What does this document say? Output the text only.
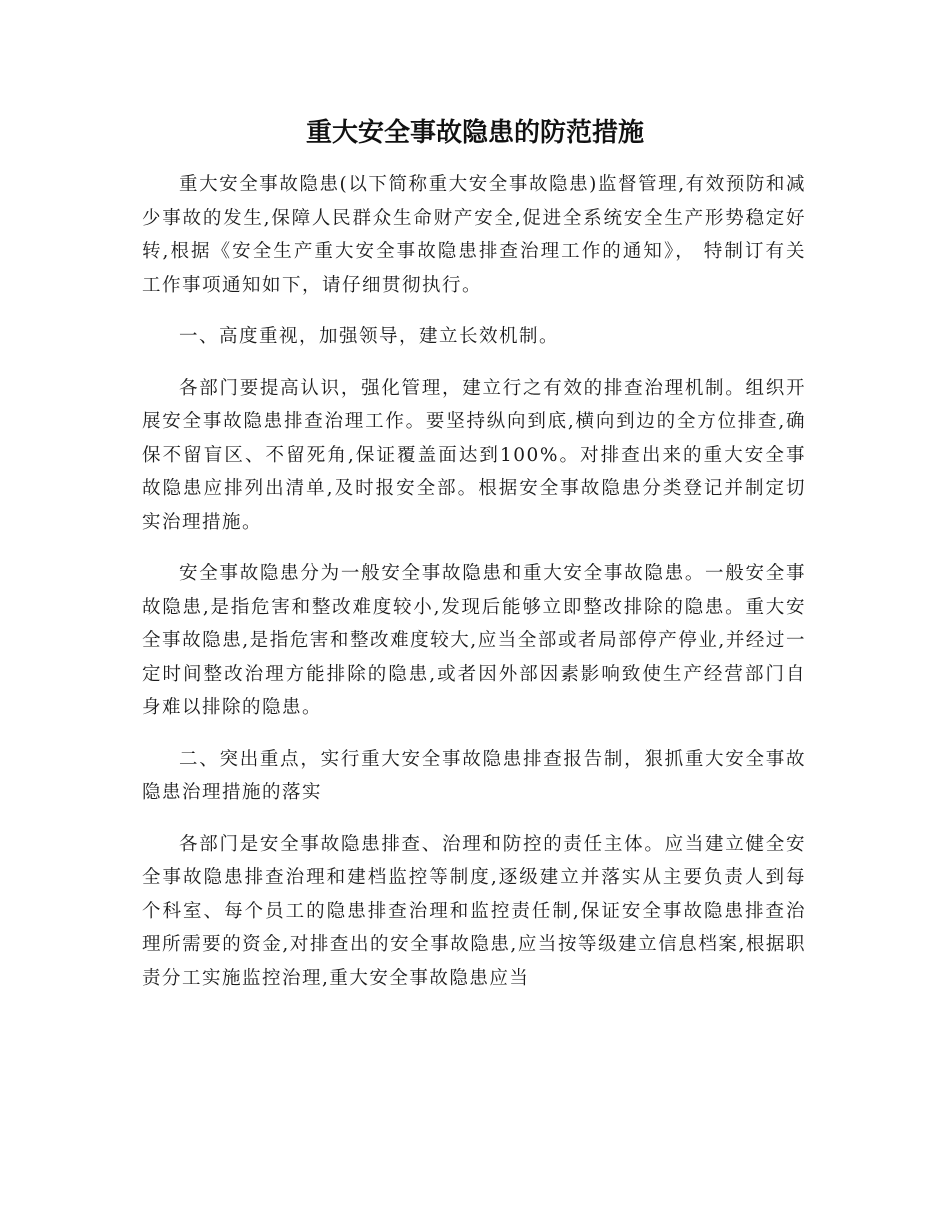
重大安全事故隐患的防范措施

重大安全事故隐患(以下简称重大安全事故隐患)监督管理,有效预防和减少事故的发生,保障人民群众生命财产安全,促进全系统安全生产形势稳定好转,根据《安全生产重大安全事故隐患排查治理工作的通知》， 特制订有关工作事项通知如下，请仔细贯彻执行。

一、高度重视，加强领导，建立长效机制。

各部门要提高认识，强化管理，建立行之有效的排查治理机制。组织开展安全事故隐患排查治理工作。要坚持纵向到底,横向到边的全方位排查,确保不留盲区、不留死角,保证覆盖面达到100%。对排查出来的重大安全事故隐患应排列出清单,及时报安全部。根据安全事故隐患分类登记并制定切实治理措施。

安全事故隐患分为一般安全事故隐患和重大安全事故隐患。一般安全事故隐患,是指危害和整改难度较小,发现后能够立即整改排除的隐患。重大安全事故隐患,是指危害和整改难度较大,应当全部或者局部停产停业,并经过一定时间整改治理方能排除的隐患,或者因外部因素影响致使生产经营部门自身难以排除的隐患。

二、突出重点，实行重大安全事故隐患排查报告制，狠抓重大安全事故隐患治理措施的落实

各部门是安全事故隐患排查、治理和防控的责任主体。应当建立健全安全事故隐患排查治理和建档监控等制度,逐级建立并落实从主要负责人到每个科室、每个员工的隐患排查治理和监控责任制,保证安全事故隐患排查治理所需要的资金,对排查出的安全事故隐患,应当按等级建立信息档案,根据职责分工实施监控治理,重大安全事故隐患应当
